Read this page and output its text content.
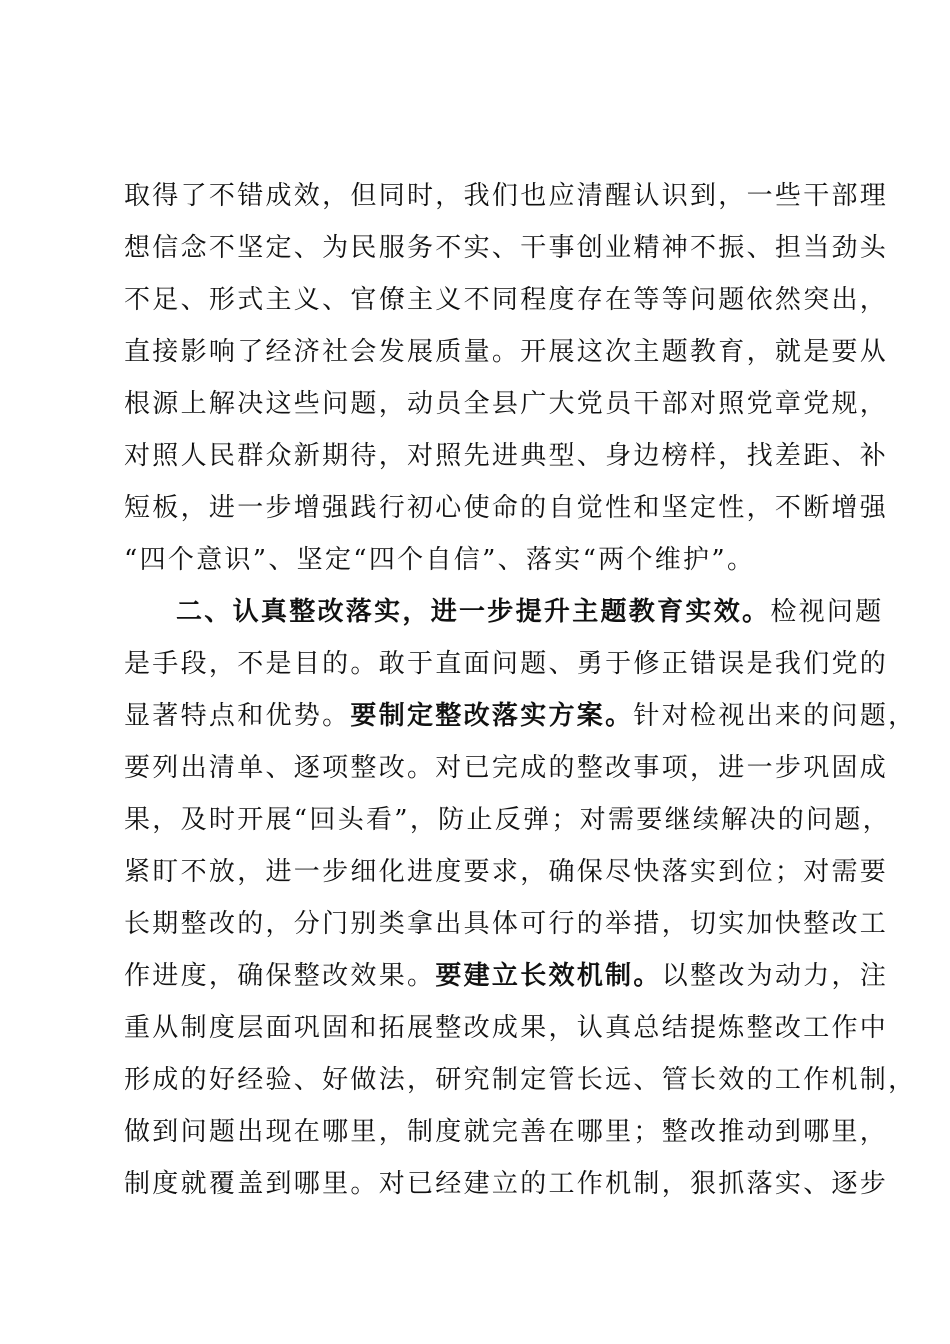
取得了不错成效，但同时，我们也应清醒认识到，一些干部理
想信念不坚定、为民服务不实、干事创业精神不振、担当劲头
不足、形式主义、官僚主义不同程度存在等等问题依然突出，
直接影响了经济社会发展质量。开展这次主题教育，就是要从
根源上解决这些问题，动员全县广大党员干部对照党章党规，
对照人民群众新期待，对照先进典型、身边榜样，找差距、补
短板，进一步增强践行初心使命的自觉性和坚定性，不断增强
“四个意识”、坚定“四个自信”、落实“两个维护”。
二、认真整改落实，进一步提升主题教育实效。检视问题
是手段，不是目的。敢于直面问题、勇于修正错误是我们党的
显著特点和优势。要制定整改落实方案。针对检视出来的问题，
要列出清单、逐项整改。对已完成的整改事项，进一步巩固成
果，及时开展“回头看”，防止反弹；对需要继续解决的问题，
紧盯不放，进一步细化进度要求，确保尽快落实到位；对需要
长期整改的，分门别类拿出具体可行的举措，切实加快整改工
作进度，确保整改效果。要建立长效机制。以整改为动力，注
重从制度层面巩固和拓展整改成果，认真总结提炼整改工作中
形成的好经验、好做法，研究制定管长远、管长效的工作机制，
做到问题出现在哪里，制度就完善在哪里；整改推动到哪里，
制度就覆盖到哪里。对已经建立的工作机制，狠抓落实、逐步
